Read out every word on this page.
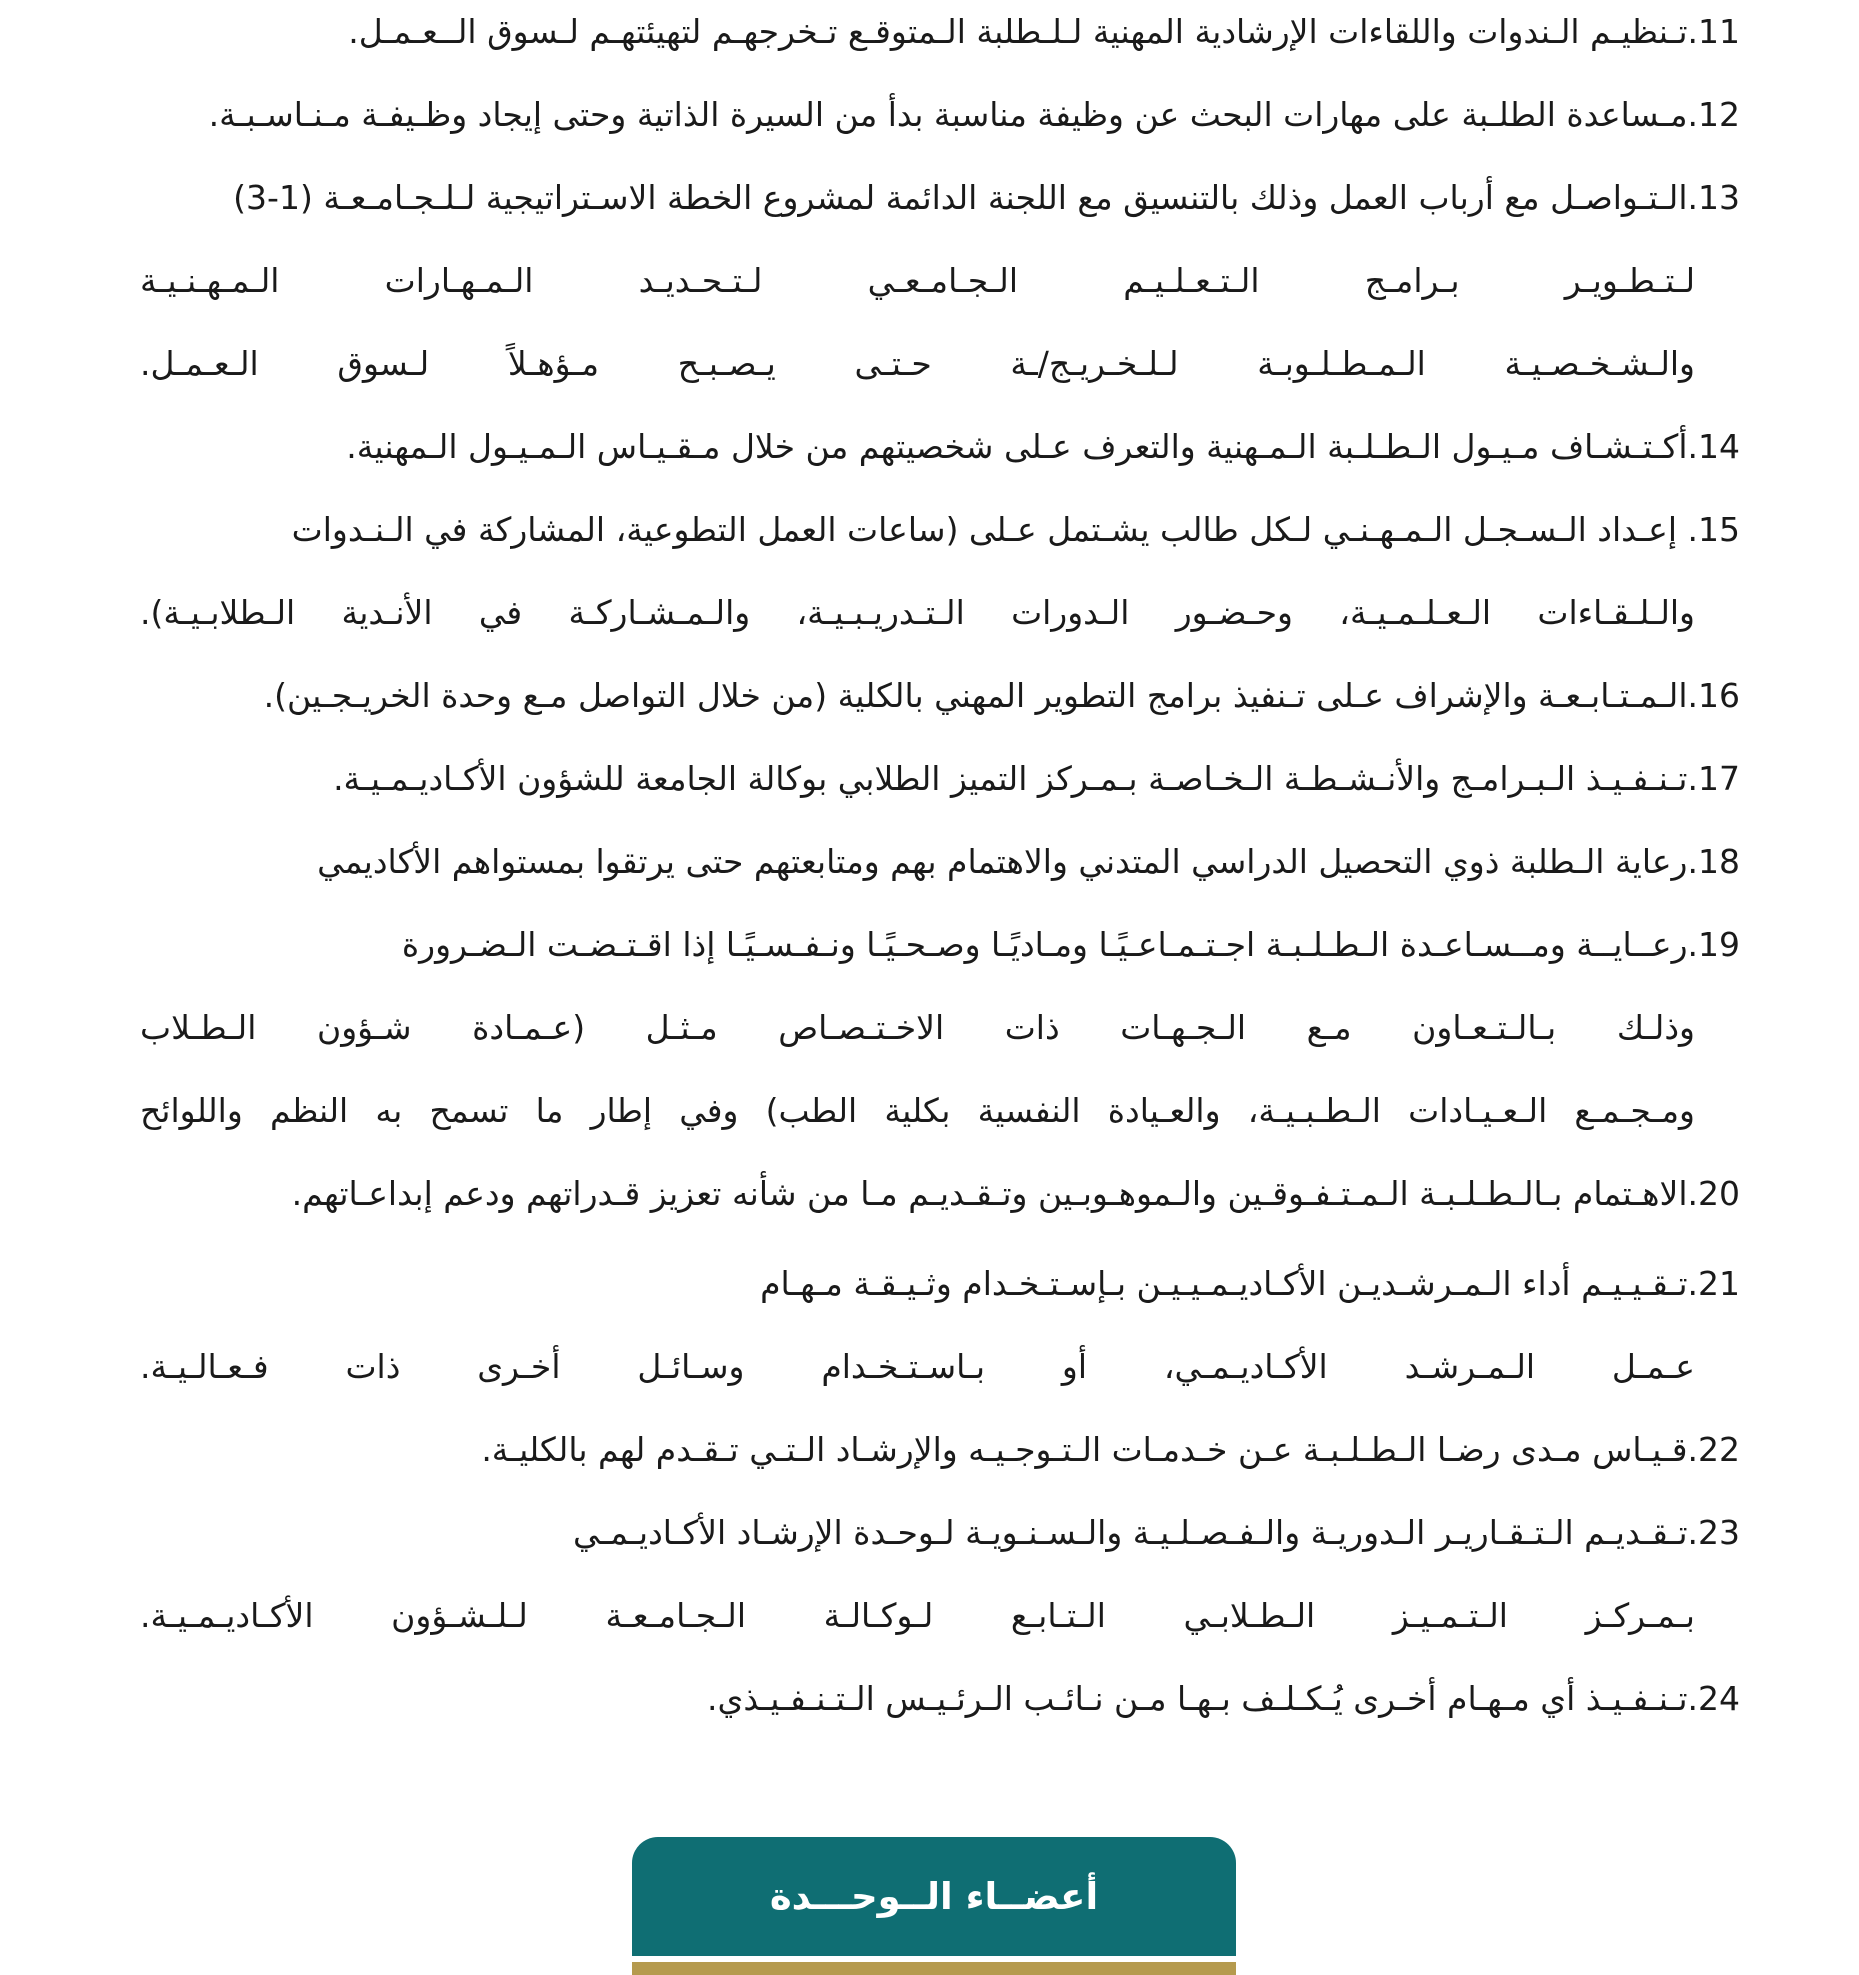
11.تـنظيـم الـندوات واللقاءات الإرشادية المهنية لـلـطلبة الـمتوقـع تـخرجهـم لتهيئتهـم لـسوق الــعـمـل.
12.مـساعدة الطلـبة على مهارات البحث عن وظيفة مناسبة بدأ من السيرة الذاتية وحتى إيجاد وظـيفـة مـنـاسـبـة.
13.الـتـواصـل مع أرباب العمل وذلك بالتنسيق مع اللجنة الدائمة لمشروع الخطة الاسـتراتيجية لـلـجـامـعـة (1-3)
لـتـطـويـر بـرامـج الـتـعـلـيـم الـجـامـعـي لـتـحـديـد الـمـهـارات الـمـهـنـيـة
والـشـخـصـيـة الـمـطـلـوبـة لـلـخـريـج/ـة حـتـى يـصـبـح مـؤهـلاً لـسوق الـعـمـل.
14.أكـتـشـاف مـيـول الـطـلـبة الـمـهنية والتعرف عـلى شخصيتهم من خلال مـقـيـاس الـمـيـول الـمهنية.
15. إعـداد الـسـجـل الـمـهـنـي لـكل طالب يشـتمل عـلى (ساعات العمل التطوعية، المشاركة في الـنـدوات
والـلـقـاءات الـعـلـمـيـة، وحـضـور الـدورات الـتـدريـبـيـة، والـمـشـاركـة في الأنـدية الـطلابـيـة).
16.الـمـتـابـعـة والإشراف عـلى تـنفيذ برامج التطوير المهني بالكلية (من خلال التواصل مـع وحدة الخريـجـين).
17.تـنـفـيـذ الـبـرامـج والأنـشـطـة الـخـاصـة بـمـركز التميز الطلابي بوكالة الجامعة للشؤون الأكـاديـمـيـة.
18.رعاية الـطلبة ذوي التحصيل الدراسي المتدني والاهتمام بهم ومتابعتهم حتى يرتقوا بمستواهم الأكاديمي
19.رعــايــة ومــسـاعـدة الـطـلـبـة اجـتـمـاعـيًـا ومـاديًـا وصـحـيًـا ونـفـسـيًـا إذا اقـتـضـت الـضـرورة
وذلـك بـالـتـعـاون مـع الـجـهـات ذات الاخـتـصـاص مـثـل (عـمـادة شـؤون الـطـلاب
ومـجـمـع الـعـيـادات الـطـبـيـة، والعـيادة النفسية بكلية الطب) وفي إطار ما تسمح به النظم واللوائح
20.الاهـتمام بـالـطـلـبـة الـمـتـفـوقـين والـموهـوبـين وتـقـديـم مـا من شأنه تعزيز قـدراتهم ودعم إبداعـاتهم.
21.تـقـيـيـم أداء الـمـرشـديـن الأكـاديـمـيـيـن بـإسـتـخـدام وثـيـقـة مـهـام
عـمـل الـمـرشـد الأكـاديـمـي، أو بـاسـتـخـدام وسـائـل أخـرى ذات فـعـالـيـة.
22.قـيـاس مـدى رضـا الـطـلـبـة عـن خـدمـات الـتـوجـيـه والإرشـاد الـتـي تـقـدم لهم بالكليـة.
23.تـقـديـم الـتـقـاريـر الـدوريـة والـفـصـلـيـة والـسـنـويـة لـوحـدة الإرشـاد الأكـاديـمـي
بـمـركـز الـتـمـيـز الـطـلابـي الـتـابـع لـوكـالـة الـجـامـعـة لـلـشـؤون الأكـاديـمـيـة.
24.تـنـفـيـذ أي مـهـام أخـرى يُـكـلـف بـهـا مـن نـائـب الـرئـيـس الـتـنـفـيـذي.
أعضــاء الــوحـــدة
